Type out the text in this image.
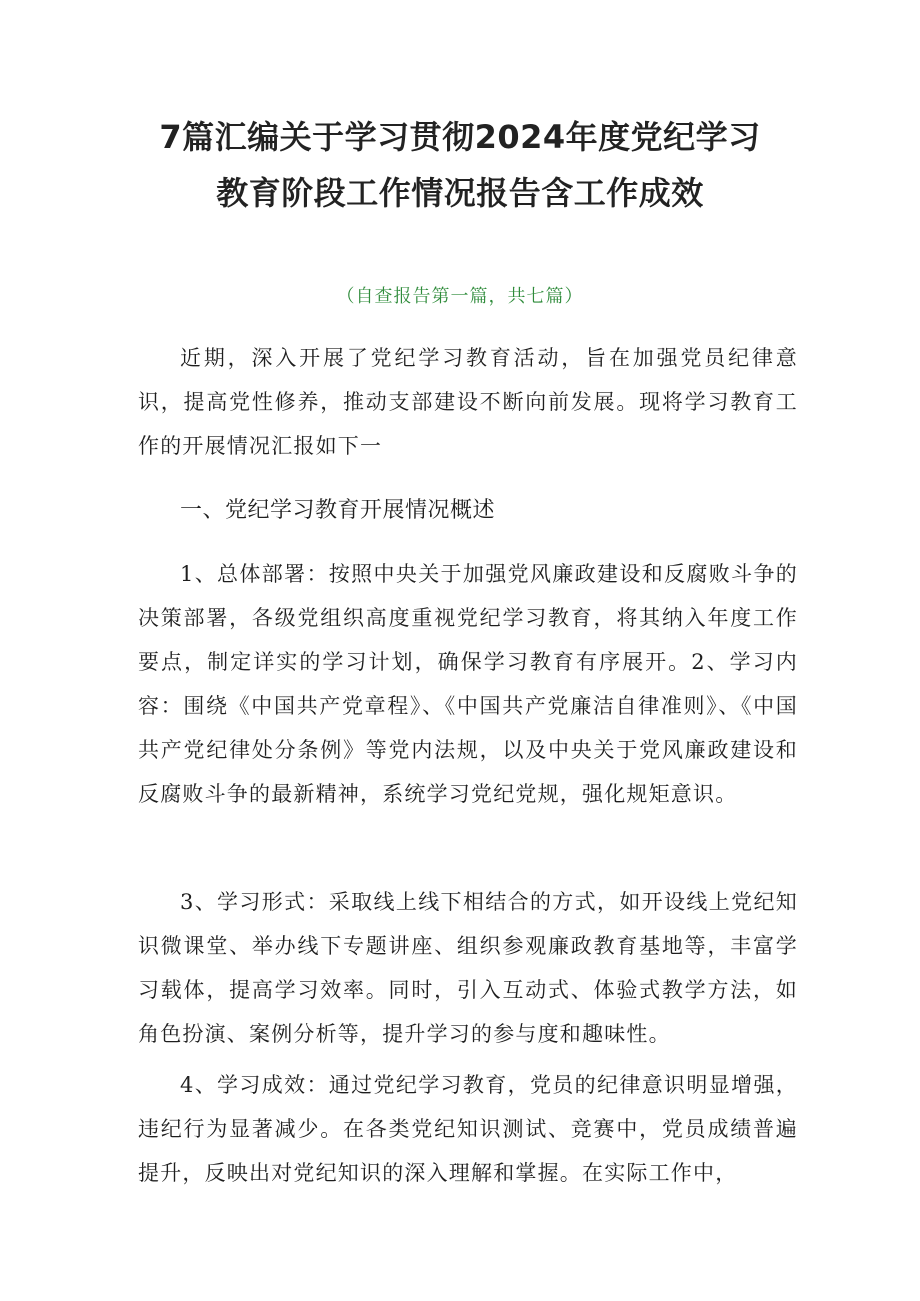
7篇汇编关于学习贯彻2024年度党纪学习
教育阶段工作情况报告含工作成效
（自查报告第一篇，共七篇）

近期，深入开展了党纪学习教育活动，旨在加强党员纪律意识，提高党性修养，推动支部建设不断向前发展。现将学习教育工作的开展情况汇报如下一

一、党纪学习教育开展情况概述

1、总体部署：按照中央关于加强党风廉政建设和反腐败斗争的决策部署，各级党组织高度重视党纪学习教育，将其纳入年度工作要点，制定详实的学习计划，确保学习教育有序展开。2、学习内容：围绕《中国共产党章程》、《中国共产党廉洁自律准则》、《中国共产党纪律处分条例》等党内法规，以及中央关于党风廉政建设和反腐败斗争的最新精神，系统学习党纪党规，强化规矩意识。

3、学习形式：采取线上线下相结合的方式，如开设线上党纪知识微课堂、举办线下专题讲座、组织参观廉政教育基地等，丰富学习载体，提高学习效率。同时，引入互动式、体验式教学方法，如角色扮演、案例分析等，提升学习的参与度和趣味性。

4、学习成效：通过党纪学习教育，党员的纪律意识明显增强，违纪行为显著减少。在各类党纪知识测试、竞赛中，党员成绩普遍提升，反映出对党纪知识的深入理解和掌握。在实际工作中，
